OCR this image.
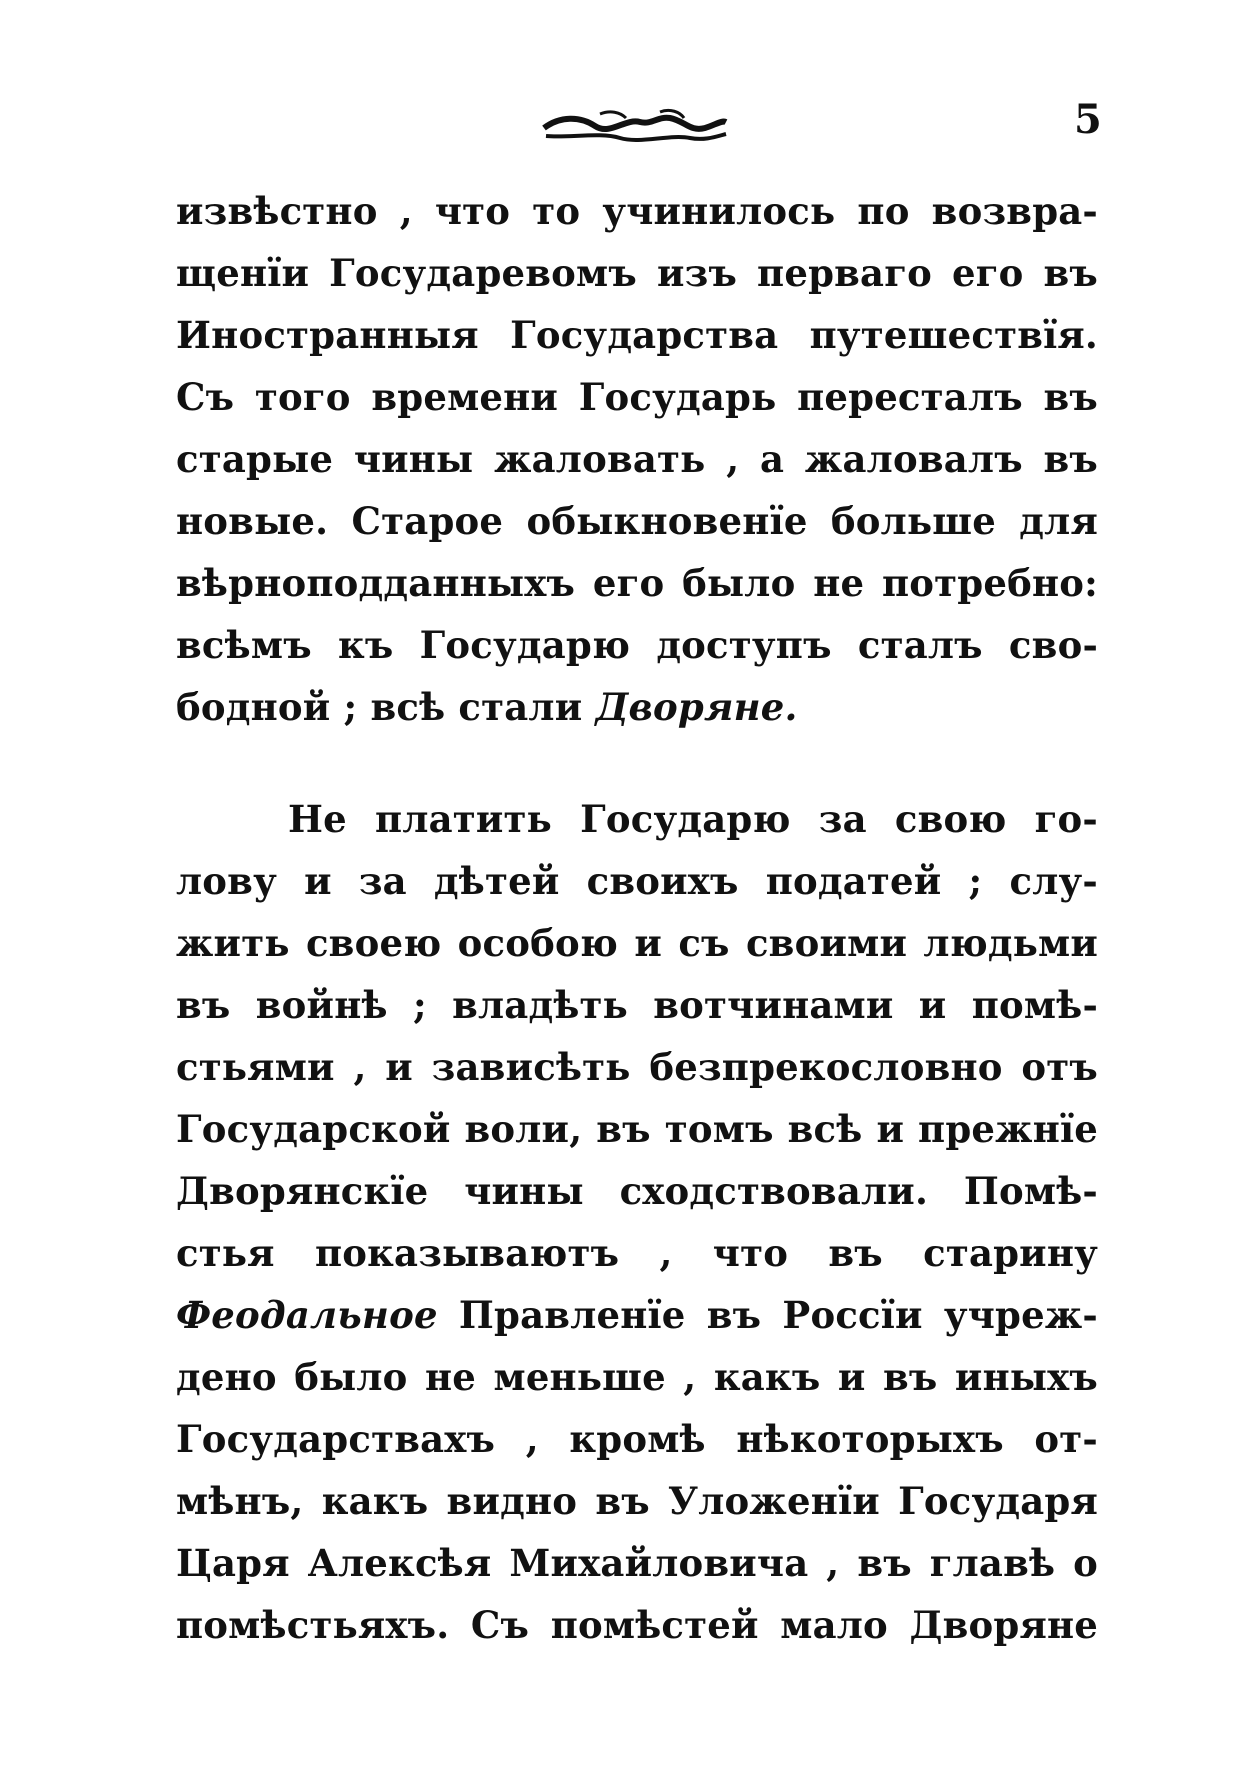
5
извѣстно , что то учинилось по возвра-
щенїи Государевомъ изъ перваго его въ
Иностранныя Государства путешествїя.
Съ того времени Государь пересталъ въ
старые чины жаловать , а жаловалъ въ
новые. Старое обыкновенїе больше для
вѣрноподданныхъ его было не потребно:
всѣмъ къ Государю доступъ сталъ сво-
бодной ; всѣ стали Дворяне.
Не платить Государю за свою го-
лову и за дѣтей своихъ податей ; слу-
жить своею особою и съ своими людьми
въ войнѣ ; владѣть вотчинами и помѣ-
стьями , и зависѣть безпрекословно отъ
Государской воли, въ томъ всѣ и прежнїе
Дворянскїе чины сходствовали. Помѣ-
стья показываютъ , что въ старину
Феодальное Правленїе въ Россїи учреж-
дено было не меньше , какъ и въ иныхъ
Государствахъ , кромѣ нѣкоторыхъ от-
мѣнъ, какъ видно въ Уложенїи Государя
Царя Алексѣя Михайловича , въ главѣ о
помѣстьяхъ. Съ помѣстей мало Дворяне
